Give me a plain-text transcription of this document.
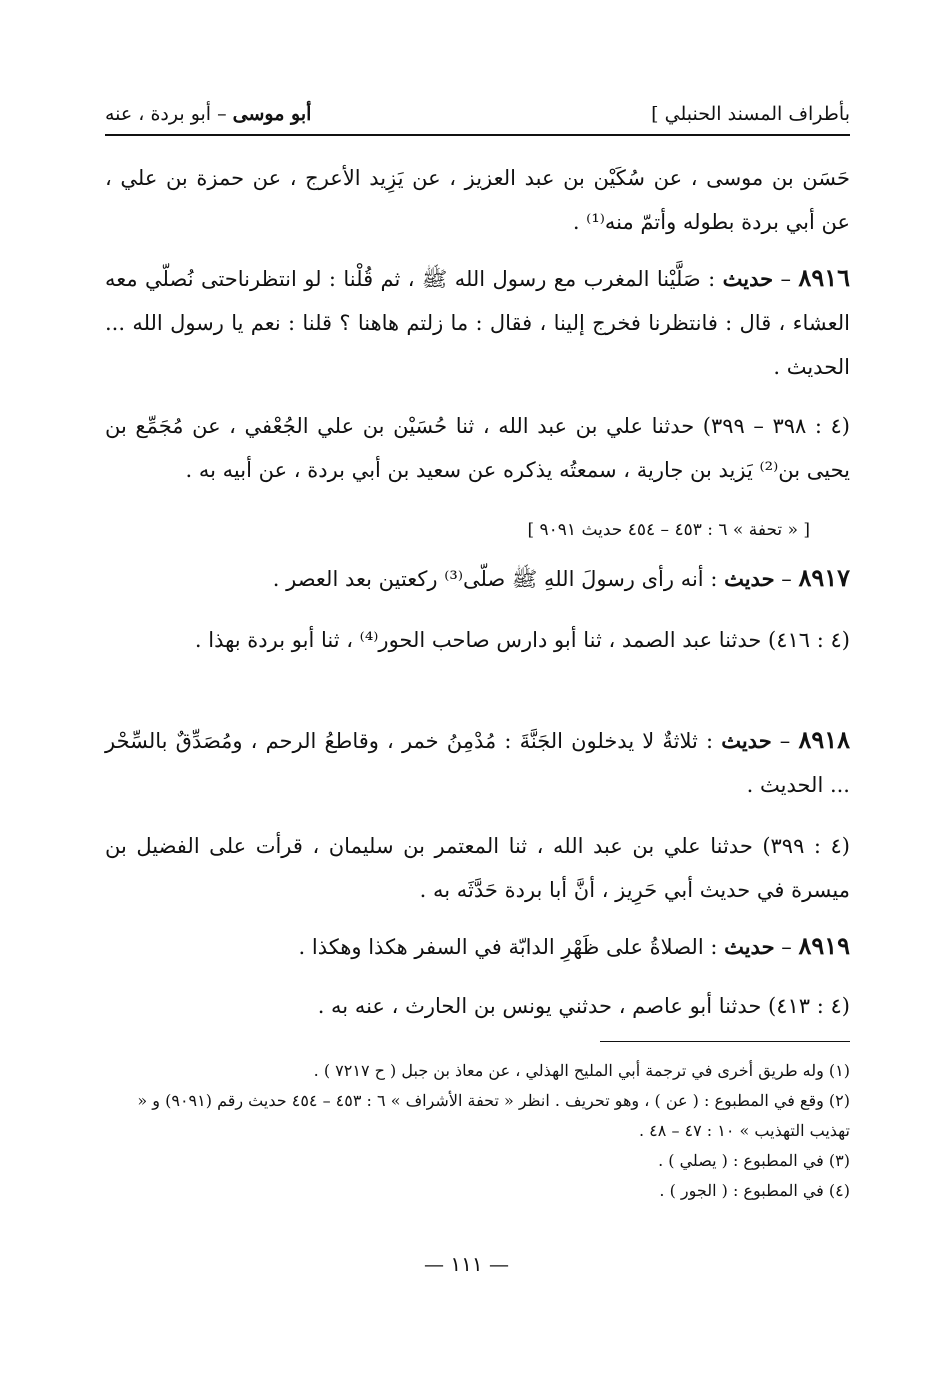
بأطراف المسند الحنبلي ]
أبو موسى – أبو بردة ، عنه

حَسَن بن موسى ، عن سُكَيْن بن عبد العزيز ، عن يَزِيد الأعرج ، عن حمزة بن علي ، عن أبي بردة بطوله وأتمّ منه⁽¹⁾ .

٨٩١٦ – حديث : صَلَّيْنا المغرب مع رسول الله ﷺ ، ثم قُلْنا : لو انتظرناحتى نُصلّي معه العشاء ، قال : فانتظرنا فخرج إلينا ، فقال : ما زلتم هاهنا ؟ قلنا : نعم يا رسول الله ... الحديث .

(٤ : ٣٩٨ – ٣٩٩) حدثنا علي بن عبد الله ، ثنا حُسَيْن بن علي الجُعْفي ، عن مُجَمِّع بن يحيى بن⁽²⁾ يَزيد بن جارية ، سمعتُه يذكره عن سعيد بن أبي بردة ، عن أبيه به .

[ « تحفة » ٦ : ٤٥٣ – ٤٥٤ حديث ٩٠٩١ ]

٨٩١٧ – حديث : أنه رأى رسولَ اللهِ ﷺ صلّى⁽³⁾ ركعتين بعد العصر .

(٤ : ٤١٦) حدثنا عبد الصمد ، ثنا أبو دارس صاحب الحور⁽⁴⁾ ، ثنا أبو بردة بهذا .

٨٩١٨ – حديث : ثلاثةٌ لا يدخلون الجَنَّةَ : مُدْمِنُ خمر ، وقاطعُ الرحم ، ومُصَدِّقٌ بالسِّحْر ... الحديث .

(٤ : ٣٩٩) حدثنا علي بن عبد الله ، ثنا المعتمر بن سليمان ، قرأت على الفضيل بن ميسرة في حديث أبي حَرِيز ، أنَّ أبا بردة حَدَّثَه به .

٨٩١٩ – حديث : الصلاةُ على ظَهْرِ الدابّة في السفر هكذا وهكذا .

(٤ : ٤١٣) حدثنا أبو عاصم ، حدثني يونس بن الحارث ، عنه به .

(١) وله طريق أخرى في ترجمة أبي المليح الهذلي ، عن معاذ بن جبل ( ح ٧٢١٧ ) .
(٢) وقع في المطبوع : ( عن ) ، وهو تحريف . انظر « تحفة الأشراف » ٦ : ٤٥٣ – ٤٥٤ حديث رقم (٩٠٩١) و « تهذيب التهذيب » ١٠ : ٤٧ – ٤٨ .
(٣) في المطبوع : ( يصلي ) .
(٤) في المطبوع : ( الجور ) .
— ١١١ —
